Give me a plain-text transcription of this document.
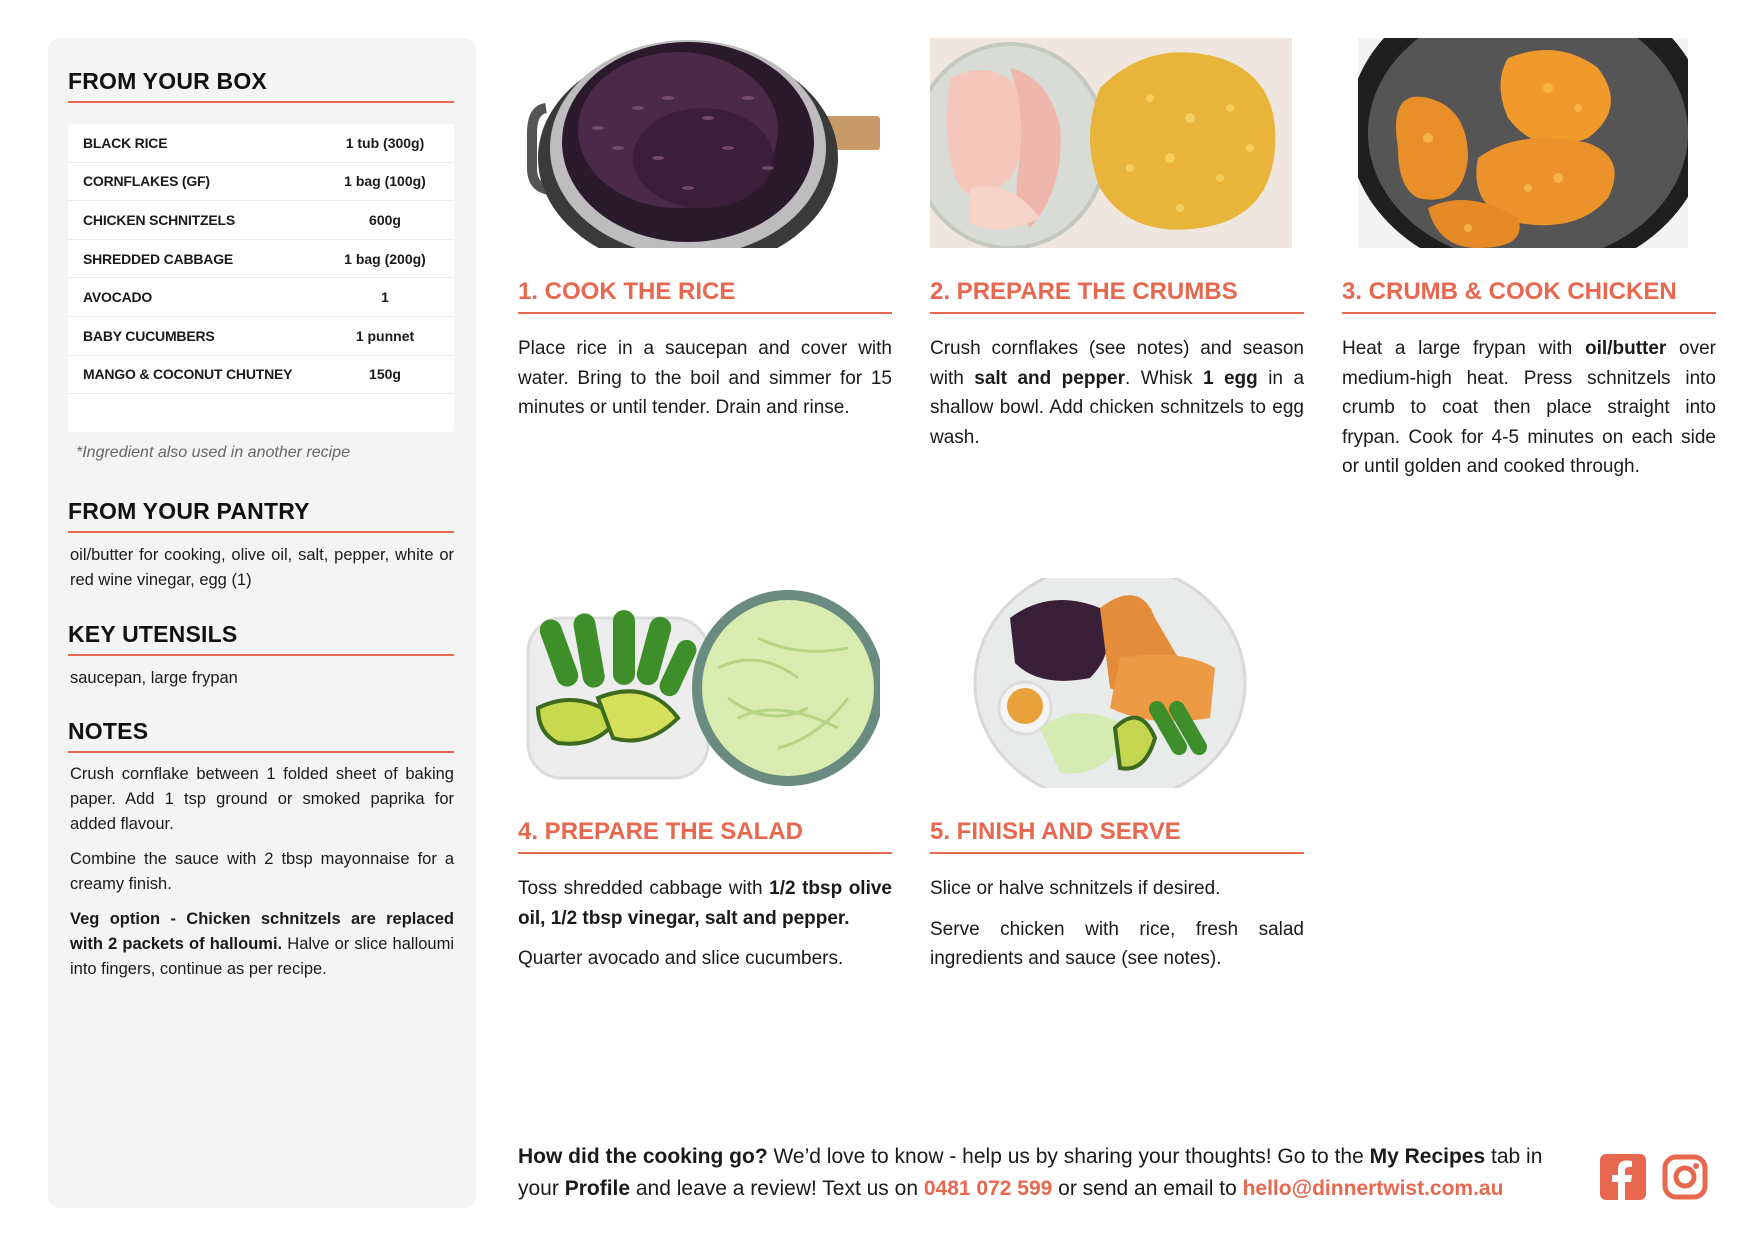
FROM YOUR BOX
BLACK RICE	1 tub (300g)
CORNFLAKES (GF)	1 bag (100g)
CHICKEN SCHNITZELS	600g
SHREDDED CABBAGE	1 bag (200g)
AVOCADO	1
BABY CUCUMBERS	1 punnet
MANGO & COCONUT CHUTNEY	150g
*Ingredient also used in another recipe
FROM YOUR PANTRY
oil/butter for cooking, olive oil, salt, pepper, white or red wine vinegar, egg (1)
KEY UTENSILS
saucepan, large frypan
NOTES

Crush cornflake between 1 folded sheet of baking paper. Add 1 tsp ground or smoked paprika for added flavour.

Combine the sauce with 2 tbsp mayonnaise for a creamy finish.

Veg option - Chicken schnitzels are replaced with 2 packets of halloumi. Halve or slice halloumi into fingers, continue as per recipe.

1. COOK THE RICE
Place rice in a saucepan and cover with water. Bring to the boil and simmer for 15 minutes or until tender. Drain and rinse.
2. PREPARE THE CRUMBS
Crush cornflakes (see notes) and season with salt and pepper. Whisk 1 egg in a shallow bowl. Add chicken schnitzels to egg wash.
3. CRUMB & COOK CHICKEN
Heat a large frypan with oil/butter over medium-high heat. Press schnitzels into crumb to coat then place straight into frypan. Cook for 4-5 minutes on each side or until golden and cooked through.
4. PREPARE THE SALAD

Toss shredded cabbage with 1/2 tbsp olive oil, 1/2 tbsp vinegar, salt and pepper.

Quarter avocado and slice cucumbers.

5. FINISH AND SERVE

Slice or halve schnitzels if desired.

Serve chicken with rice, fresh salad ingredients and sauce (see notes).

How did the cooking go? We’d love to know - help us by sharing your thoughts! Go to the My Recipes tab in your Profile and leave a review! Text us on 0481 072 599 or send an email to hello@dinnertwist.com.au
